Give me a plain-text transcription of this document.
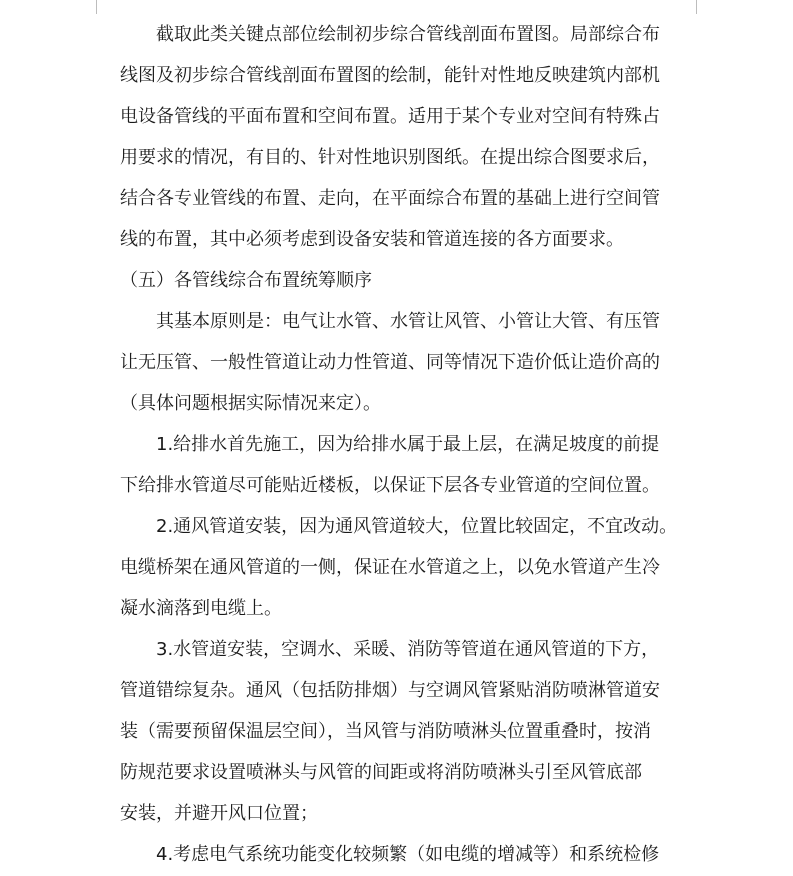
截取此类关键点部位绘制初步综合管线剖面布置图。局部综合布
线图及初步综合管线剖面布置图的绘制，能针对性地反映建筑内部机
电设备管线的平面布置和空间布置。适用于某个专业对空间有特殊占
用要求的情况，有目的、针对性地识别图纸。在提出综合图要求后，
结合各专业管线的布置、走向，在平面综合布置的基础上进行空间管
线的布置，其中必须考虑到设备安装和管道连接的各方面要求。
（五）各管线综合布置统筹顺序
其基本原则是：电气让水管、水管让风管、小管让大管、有压管
让无压管、一般性管道让动力性管道、同等情况下造价低让造价高的
（具体问题根据实际情况来定）。
1.给排水首先施工，因为给排水属于最上层，在满足坡度的前提
下给排水管道尽可能贴近楼板，以保证下层各专业管道的空间位置。
2.通风管道安装，因为通风管道较大，位置比较固定，不宜改动。
电缆桥架在通风管道的一侧，保证在水管道之上，以免水管道产生冷
凝水滴落到电缆上。
3.水管道安装，空调水、采暖、消防等管道在通风管道的下方，
管道错综复杂。通风（包括防排烟）与空调风管紧贴消防喷淋管道安
装（需要预留保温层空间），当风管与消防喷淋头位置重叠时，按消
防规范要求设置喷淋头与风管的间距或将消防喷淋头引至风管底部
安装，并避开风口位置；
4.考虑电气系统功能变化较频繁（如电缆的增减等）和系统检修
